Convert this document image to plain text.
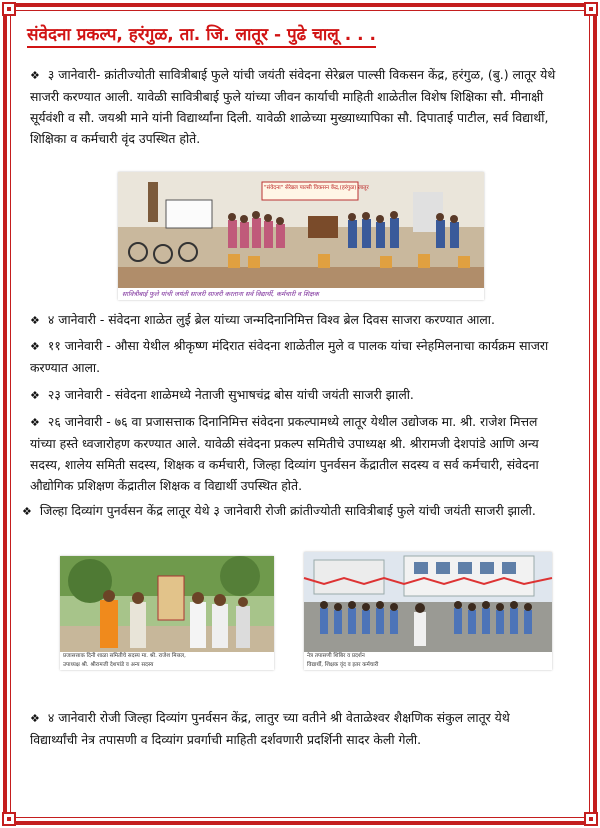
संवेदना प्रकल्प, हरंगुळ, ता. जि. लातूर - पुढे चालू . . .

❖ ३ जानेवारी- क्रांतीज्योती सावित्रीबाई फुले यांची जयंती संवेदना सेरेब्रल पाल्सी विकसन केंद्र, हरंगुळ, (बु.) लातूर येथे साजरी करण्यात आली. यावेळी सावित्रीबाई फुले यांच्या जीवन कार्याची माहिती शाळेतील विशेष शिक्षिका सौ. मीनाक्षी सूर्यवंशी व सौ. जयश्री माने यांनी विद्यार्थ्यांना दिली. यावेळी शाळेच्या मुख्याध्यापिका सौ. दिपाताई पाटील, सर्व विद्यार्थी, शिक्षिका व कर्मचारी वृंद उपस्थित होते.

"संवेदना" सेरेब्रल पाल्सी विकसन केंद्र,(हरंगुळ) लातूर
सावित्रीबाई फुले यांची जयंती साजरी साजरी करताना सर्व विद्यार्थी, कर्मचारी व शिक्षक

❖ ४ जानेवारी - संवेदना शाळेत लुई ब्रेल यांच्या जन्मदिनानिमित्त विश्व ब्रेल दिवस साजरा करण्यात आला.

❖ ११ जानेवारी - औसा येथील श्रीकृष्ण मंदिरात संवेदना शाळेतील मुले व पालक यांचा स्नेहमिलनाचा कार्यक्रम साजरा करण्यात आला.

❖ २३ जानेवारी - संवेदना शाळेमध्ये नेताजी सुभाषचंद्र बोस यांची जयंती साजरी झाली.

❖ २६ जानेवारी - ७६ वा प्रजासत्ताक दिनानिमित्त संवेदना प्रकल्पामध्ये लातूर येथील उद्योजक मा. श्री. राजेश मित्तल यांच्या हस्ते ध्वजारोहण करण्यात आले. यावेळी संवेदना प्रकल्प समितीचे उपाध्यक्ष श्री. श्रीरामजी देशपांडे आणि अन्य सदस्य, शालेय समिती सदस्य, शिक्षक व कर्मचारी, जिल्हा दिव्यांग पुनर्वसन केंद्रातील सदस्य व सर्व कर्मचारी, संवेदना औद्योगिक प्रशिक्षण केंद्रातील शिक्षक व विद्यार्थी उपस्थित होते.

❖ जिल्हा दिव्यांग पुनर्वसन केंद्र लातूर येथे ३ जानेवारी रोजी क्रांतीज्योती सावित्रीबाई फुले यांची जयंती साजरी झाली.

प्रजासत्ताक दिनी शाळा समितीचे सदस्य मा. श्री. राजेश मित्तल,
उपाध्यक्ष श्री. श्रीरामजी देशपांडे व अन्य सदस्य
नेत्र तपासणी शिबिर व प्रदर्शन
विद्यार्थी, शिक्षक वृंद व इतर कर्मचारी

❖ ४ जानेवारी रोजी जिल्हा दिव्यांग पुनर्वसन केंद्र, लातुर च्या वतीने श्री वेताळेश्वर शैक्षणिक संकुल लातूर येथे विद्यार्थ्यांची नेत्र तपासणी व दिव्यांग प्रवर्गाची माहिती दर्शवणारी प्रदर्शिनी सादर केली गेली.
